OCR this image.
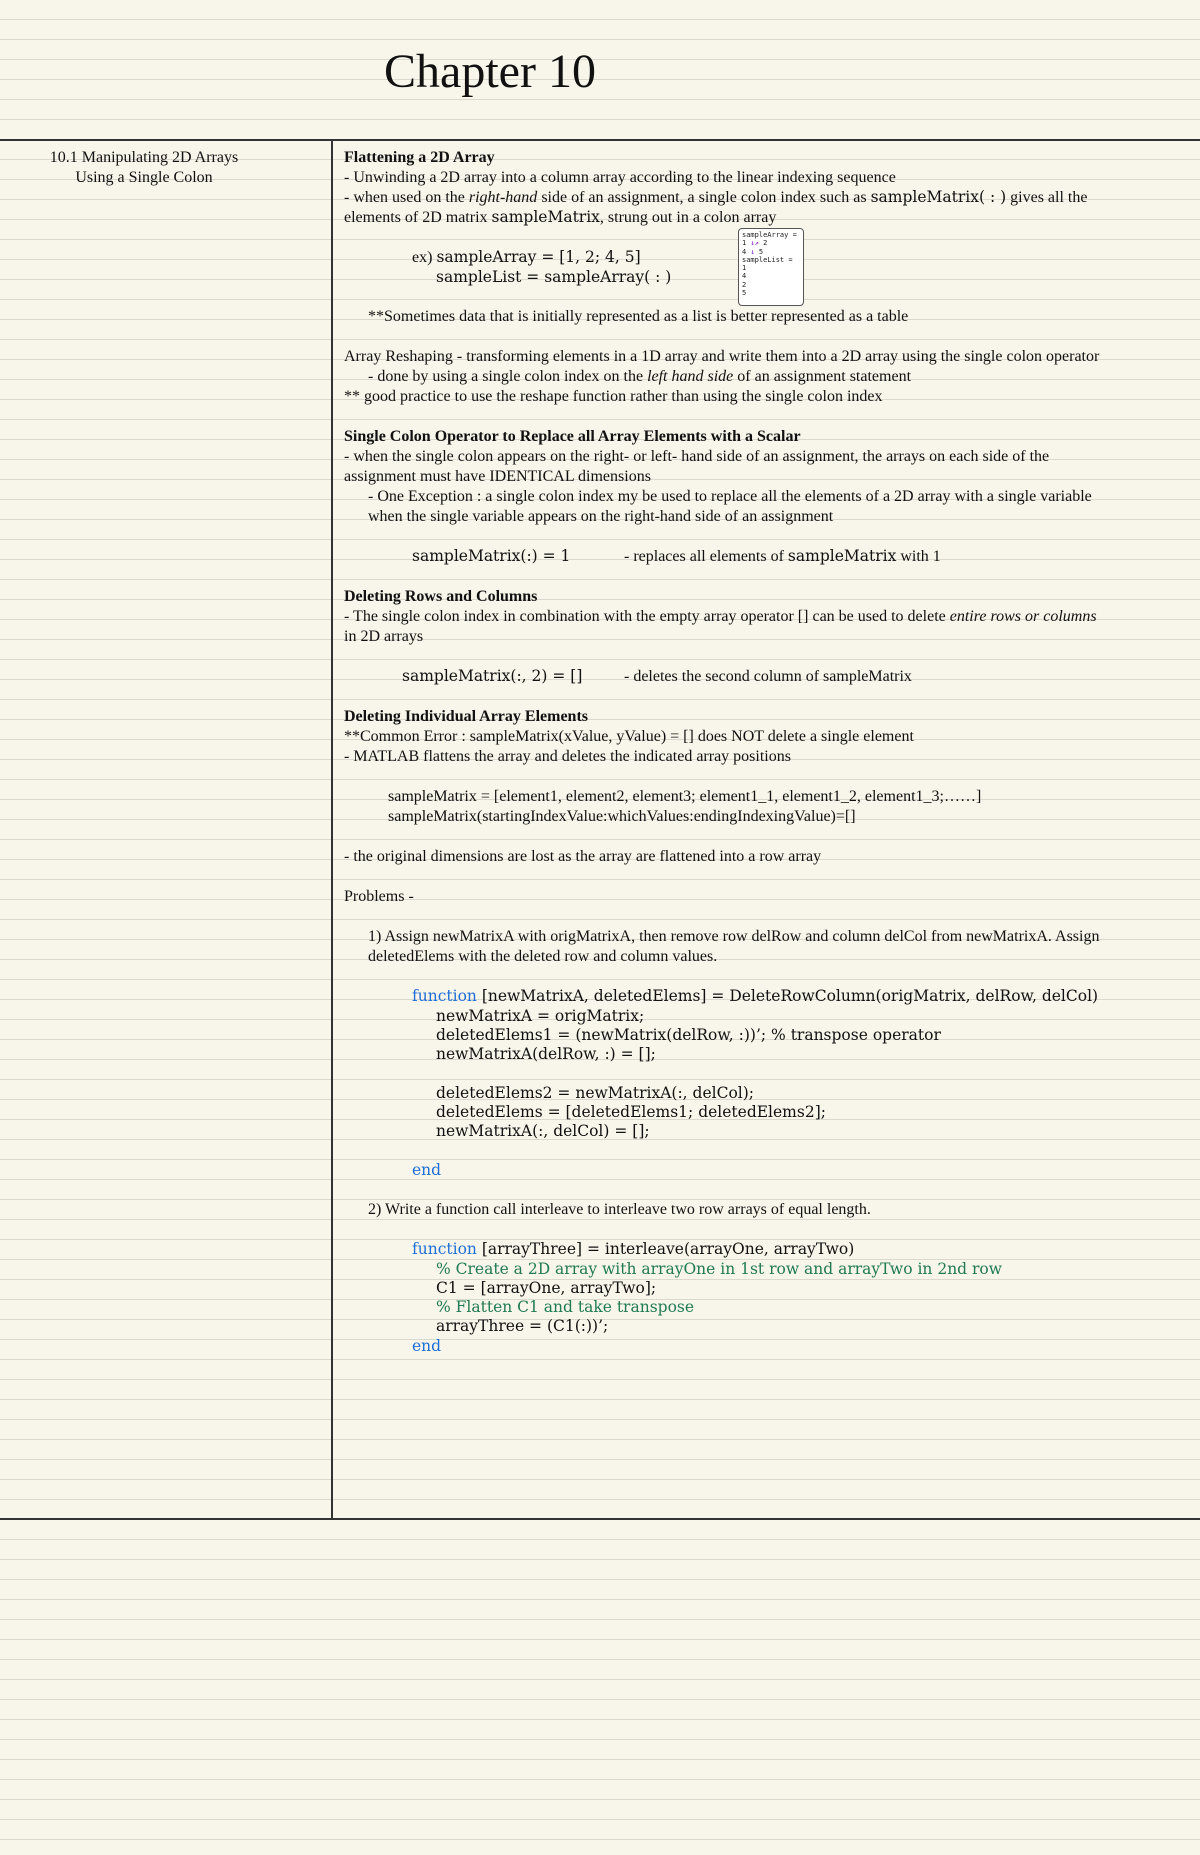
Chapter 10
10.1 Manipulating 2D Arrays
Using a Single Colon
sampleArray =
1 ↓↗ 2
4 ↓ 5
sampleList =
1
4
2
5

Flattening a 2D Array

- Unwinding a 2D array into a column array according to the linear indexing sequence

- when used on the right-hand side of an assignment, a single colon index such as sampleMatrix( : ) gives all the

elements of 2D matrix sampleMatrix, strung out in a colon array

ex) sampleArray = [1, 2; 4, 5]

sampleList = sampleArray( : )

**Sometimes data that is initially represented as a list is better represented as a table

Array Reshaping - transforming elements in a 1D array and write them into a 2D array using the single colon operator

- done by using a single colon index on the left hand side of an assignment statement

** good practice to use the reshape function rather than using the single colon index

Single Colon Operator to Replace all Array Elements with a Scalar

- when the single colon appears on the right- or left- hand side of an assignment, the arrays on each side of the

assignment must have IDENTICAL dimensions

- One Exception : a single colon index my be used to replace all the elements of a 2D array with a single variable

when the single variable appears on the right-hand side of an assignment

sampleMatrix(:) = 1	- replaces all elements of sampleMatrix with 1

Deleting Rows and Columns

- The single colon index in combination with the empty array operator [] can be used to delete entire rows or columns

in 2D arrays

sampleMatrix(:, 2) = []	- deletes the second column of sampleMatrix

Deleting Individual Array Elements

**Common Error : sampleMatrix(xValue, yValue) = [] does NOT delete a single element

- MATLAB flattens the array and deletes the indicated array positions

sampleMatrix = [element1, element2, element3; element1_1, element1_2, element1_3;……]

sampleMatrix(startingIndexValue:whichValues:endingIndexingValue)=[]

- the original dimensions are lost as the array are flattened into a row array

Problems -

1) Assign newMatrixA with origMatrixA, then remove row delRow and column delCol from newMatrixA. Assign

deletedElems with the deleted row and column values.

function [newMatrixA, deletedElems] = DeleteRowColumn(origMatrix, delRow, delCol)
newMatrixA = origMatrix;
deletedElems1 = (newMatrix(delRow, :))’; % transpose operator
newMatrixA(delRow, :) = [];
deletedElems2 = newMatrixA(:, delCol);
deletedElems = [deletedElems1; deletedElems2];
newMatrixA(:, delCol) = [];
end

2) Write a function call interleave to interleave two row arrays of equal length.

function [arrayThree] = interleave(arrayOne, arrayTwo)
% Create a 2D array with arrayOne in 1st row and arrayTwo in 2nd row
C1 = [arrayOne, arrayTwo];
% Flatten C1 and take transpose
arrayThree = (C1(:))’;
end
